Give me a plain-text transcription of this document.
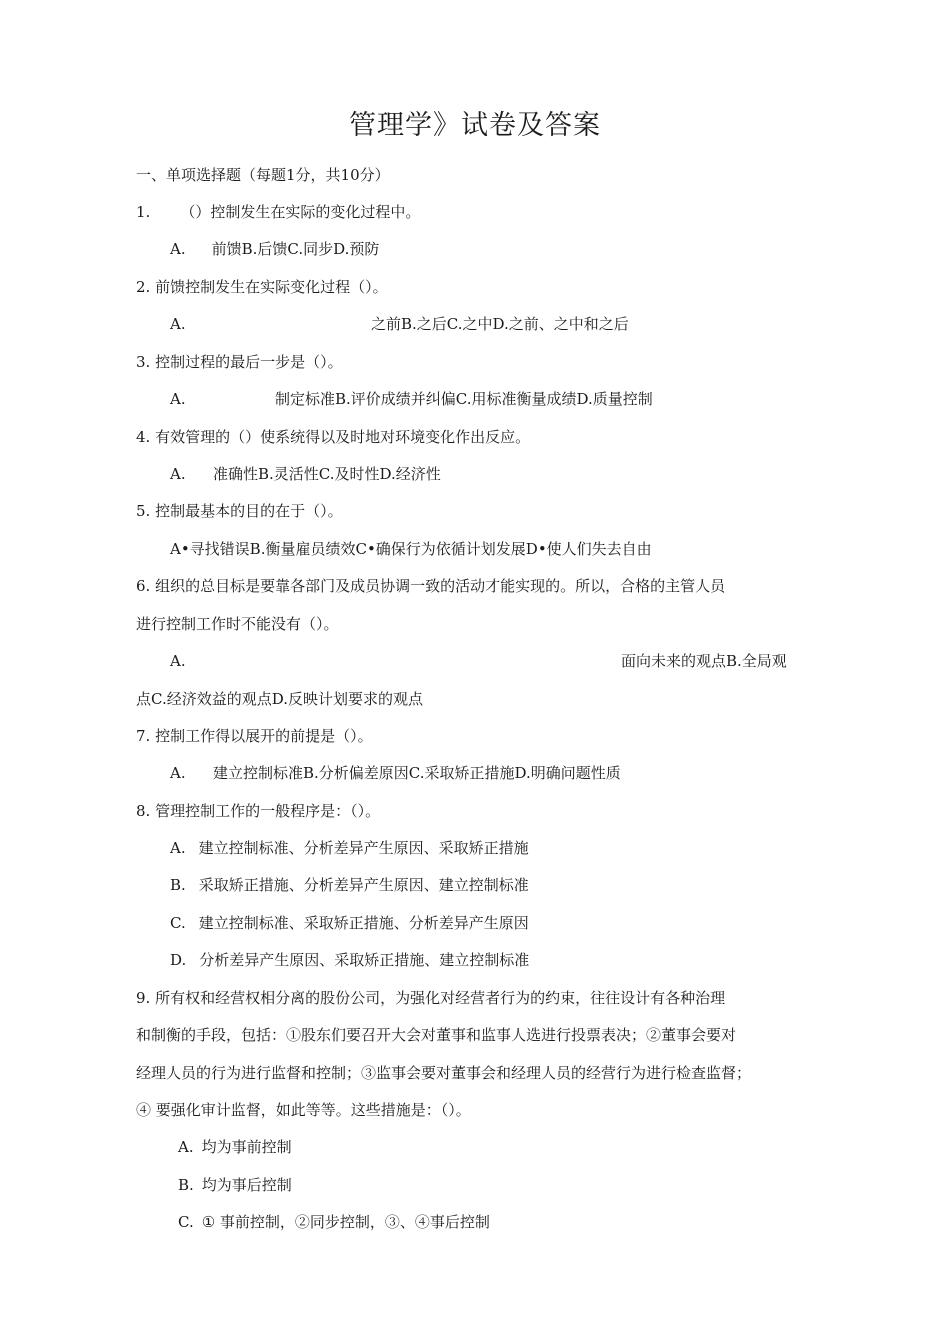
管理学》试卷及答案
一、单项选择题（每题1分，共10分）
1. （）控制发生在实际的变化过程中。
A. 前馈B.后馈C.同步D.预防
2. 前馈控制发生在实际变化过程（）。
A.	之前B.之后C.之中D.之前、之中和之后
3. 控制过程的最后一步是（）。
A.	制定标准B.评价成绩并纠偏C.用标准衡量成绩D.质量控制
4. 有效管理的（）使系统得以及时地对环境变化作出反应。
A. 准确性B.灵活性C.及时性D.经济性
5. 控制最基本的目的在于（）。
A•寻找错误B.衡量雇员绩效C•确保行为依循计划发展D•使人们失去自由
6. 组织的总目标是要靠各部门及成员协调一致的活动才能实现的。所以，合格的主管人员
进行控制工作时不能没有（）。
A.	面向未来的观点B.全局观
点C.经济效益的观点D.反映计划要求的观点
7. 控制工作得以展开的前提是（）。
A. 建立控制标准B.分析偏差原因C.采取矫正措施D.明确问题性质
8. 管理控制工作的一般程序是：（）。
A. 建立控制标准、分析差异产生原因、采取矫正措施
B. 采取矫正措施、分析差异产生原因、建立控制标准
C. 建立控制标准、采取矫正措施、分析差异产生原因
D. 分析差异产生原因、采取矫正措施、建立控制标准
9. 所有权和经营权相分离的股份公司，为强化对经营者行为的约束，往往设计有各种治理
和制衡的手段，包括：①股东们要召开大会对董事和监事人选进行投票表决；②董事会要对
经理人员的行为进行监督和控制；③监事会要对董事会和经理人员的经营行为进行检查监督；
④ 要强化审计监督，如此等等。这些措施是：（）。
A. 均为事前控制
B. 均为事后控制
C. ① 事前控制，②同步控制，③、④事后控制
